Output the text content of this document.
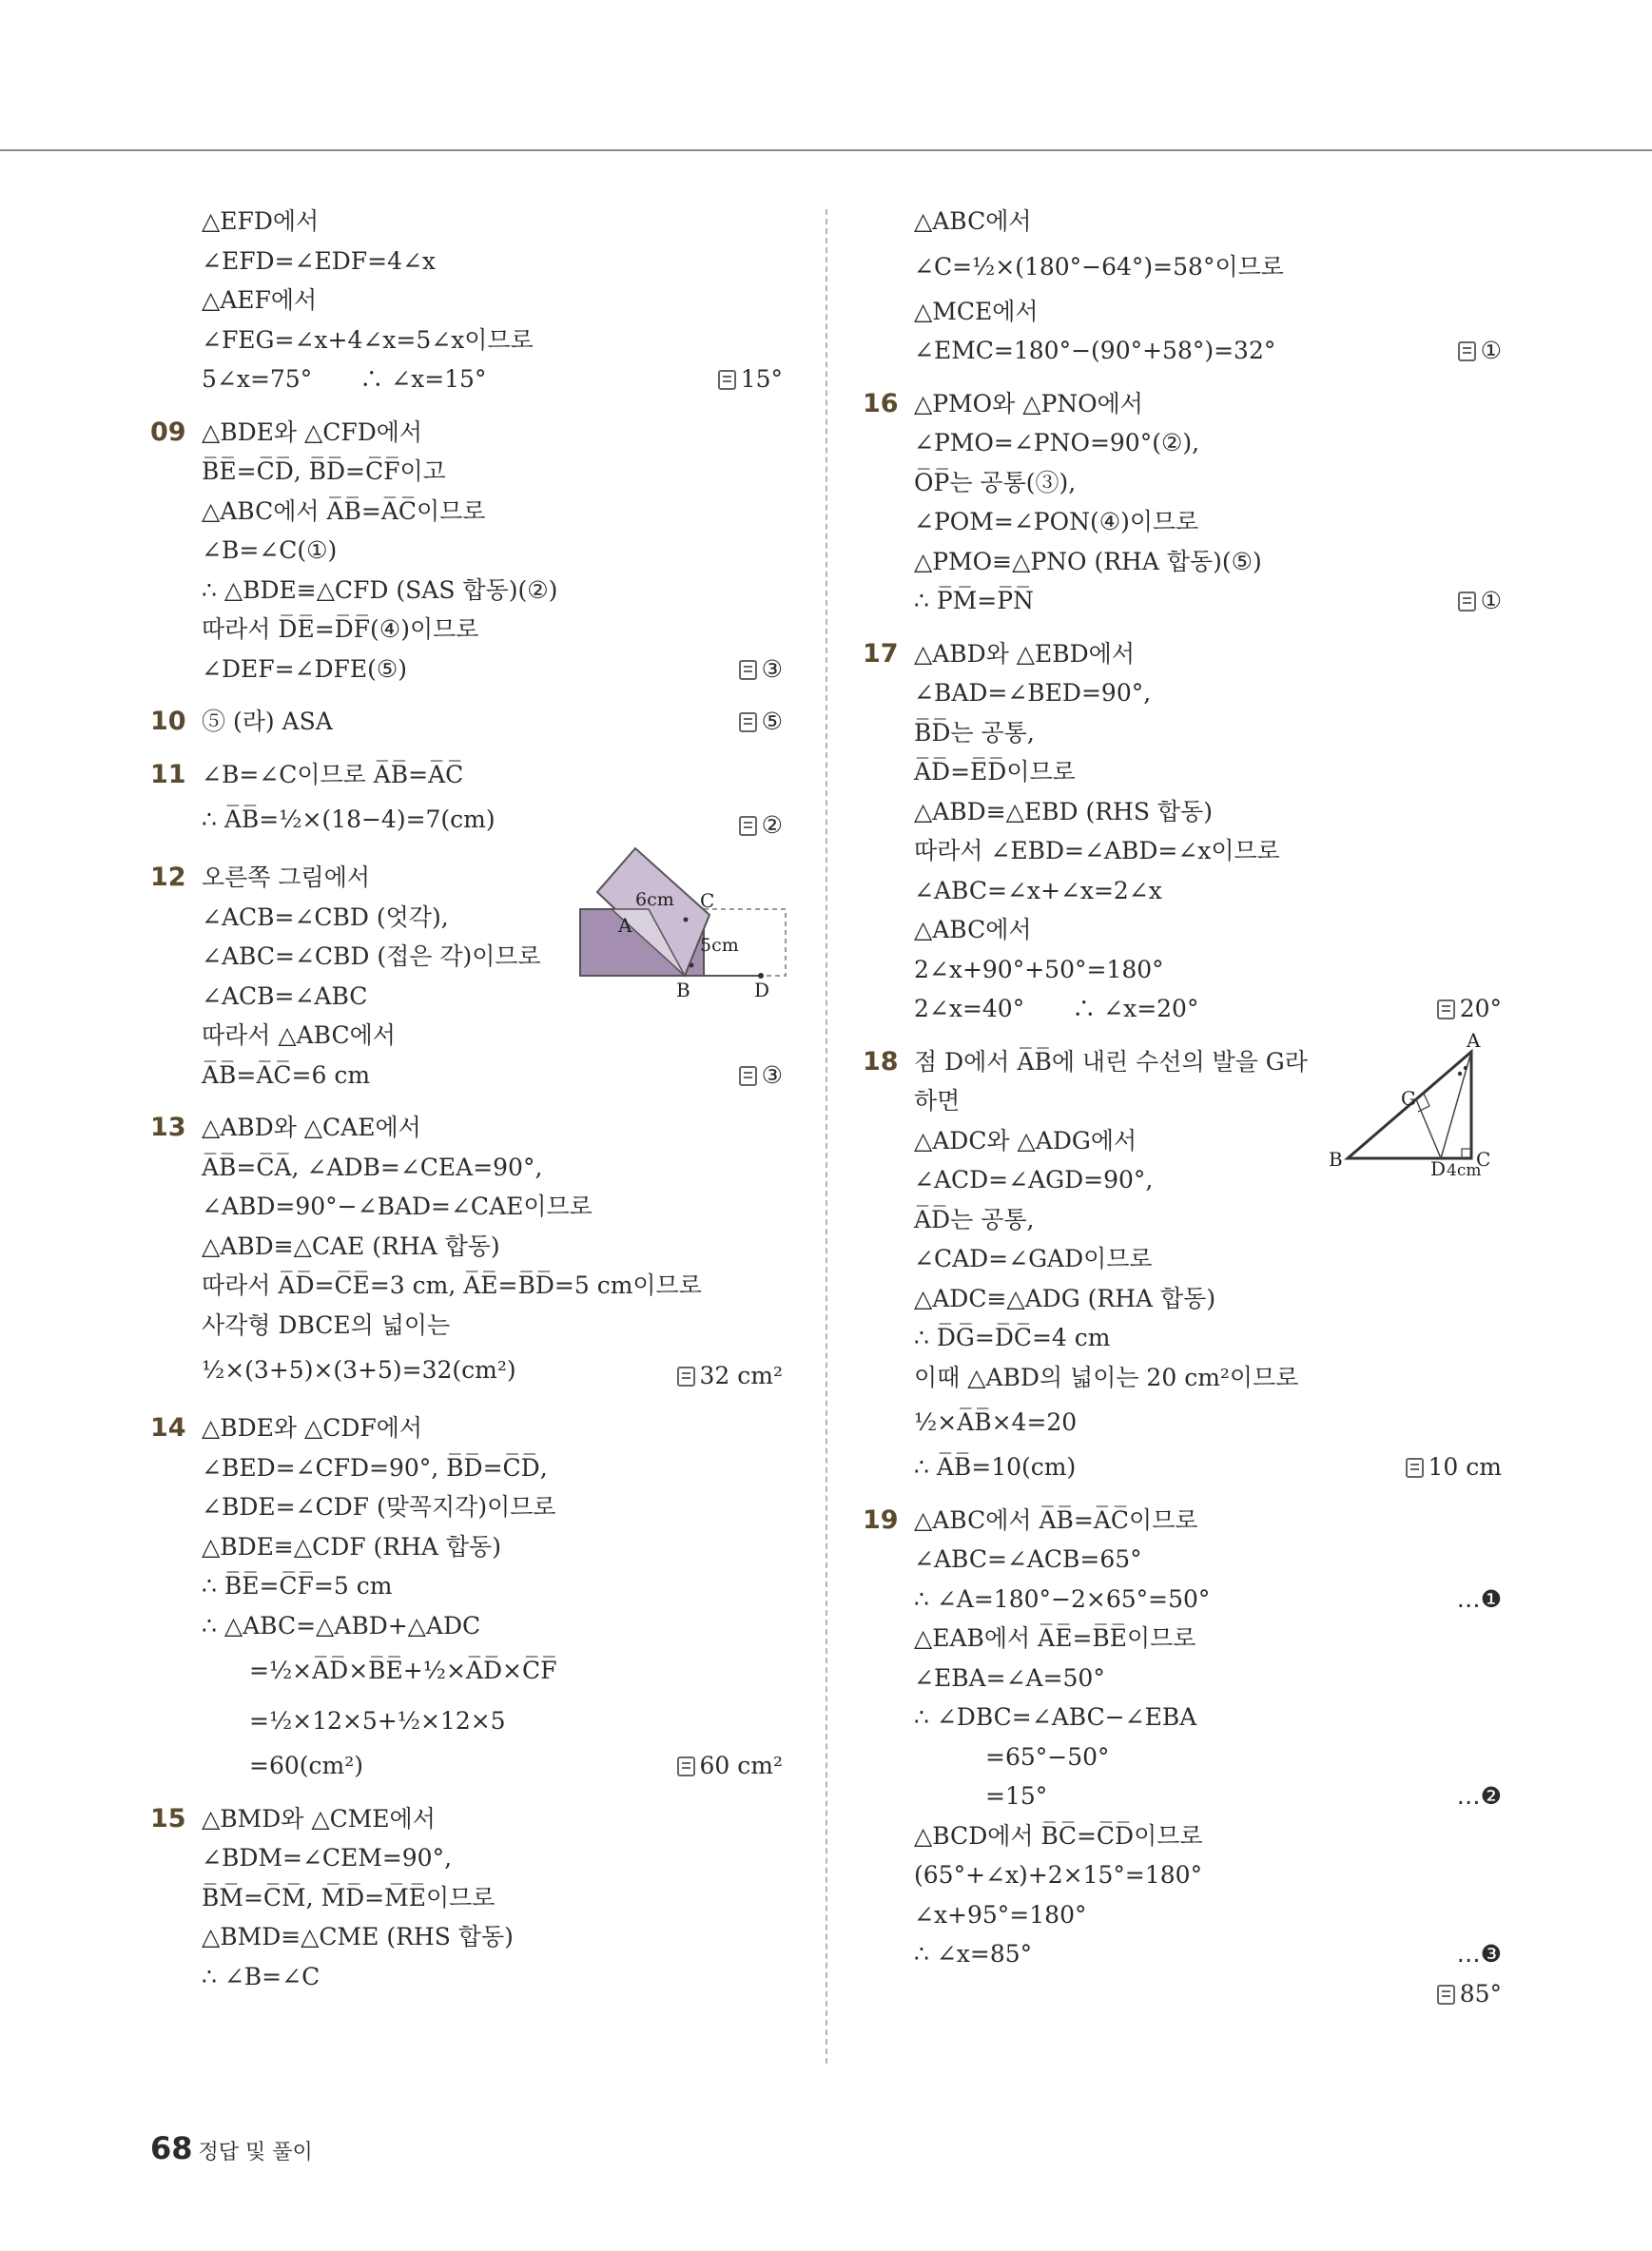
△EFD에서
∠EFD=∠EDF=4∠x
△AEF에서
∠FEG=∠x+4∠x=5∠x이므로
5∠x=75°　　∴ ∠x=15°	15°
09 △BDE와 △CFD에서
B̅E̅=C̅D̅, B̅D̅=C̅F̅이고
△ABC에서 A̅B̅=A̅C̅이므로
∠B=∠C(①)
∴ △BDE≡△CFD (SAS 합동)(②)
따라서 D̅E̅=D̅F̅(④)이므로
∠DEF=∠DFE(⑤)	③
10 ⑤ (라) ASA	⑤
11 ∠B=∠C이므로 A̅B̅=A̅C̅
∴ A̅B̅=½×(18−4)=7(cm)	②
12 오른쪽 그림에서
∠ACB=∠CBD (엇각),
∠ABC=∠CBD (접은 각)이므로
∠ACB=∠ABC
따라서 △ABC에서
A̅B̅=A̅C̅=6 cm	③
A
B
C
D
6cm
5cm
13 △ABD와 △CAE에서
A̅B̅=C̅A̅, ∠ADB=∠CEA=90°,
∠ABD=90°−∠BAD=∠CAE이므로
△ABD≡△CAE (RHA 합동)
따라서 A̅D̅=C̅E̅=3 cm, A̅E̅=B̅D̅=5 cm이므로
사각형 DBCE의 넓이는
½×(3+5)×(3+5)=32(cm²)	32 cm²
14 △BDE와 △CDF에서
∠BED=∠CFD=90°, B̅D̅=C̅D̅,
∠BDE=∠CDF (맞꼭지각)이므로
△BDE≡△CDF (RHA 합동)
∴ B̅E̅=C̅F̅=5 cm
∴ △ABC=△ABD+△ADC
　　=½×A̅D̅×B̅E̅+½×A̅D̅×C̅F̅
　　=½×12×5+½×12×5
　　=60(cm²)	60 cm²
15 △BMD와 △CME에서
∠BDM=∠CEM=90°,
B̅M̅=C̅M̅, M̅D̅=M̅E̅이므로
△BMD≡△CME (RHS 합동)
∴ ∠B=∠C
△ABC에서
∠C=½×(180°−64°)=58°이므로
△MCE에서
∠EMC=180°−(90°+58°)=32°	①
16 △PMO와 △PNO에서
∠PMO=∠PNO=90°(②),
O̅P̅는 공통(③),
∠POM=∠PON(④)이므로
△PMO≡△PNO (RHA 합동)(⑤)
∴ P̅M̅=P̅N̅	①
17 △ABD와 △EBD에서
∠BAD=∠BED=90°,
B̅D̅는 공통,
A̅D̅=E̅D̅이므로
△ABD≡△EBD (RHS 합동)
따라서 ∠EBD=∠ABD=∠x이므로
∠ABC=∠x+∠x=2∠x
△ABC에서
2∠x+90°+50°=180°
2∠x=40°　　∴ ∠x=20°	20°
18 점 D에서 A̅B̅에 내린 수선의 발을 G라
하면
△ADC와 △ADG에서
∠ACD=∠AGD=90°,
A̅D̅는 공통,
∠CAD=∠GAD이므로
△ADC≡△ADG (RHA 합동)
∴ D̅G̅=D̅C̅=4 cm
이때 △ABD의 넓이는 20 cm²이므로
½×A̅B̅×4=20
∴ A̅B̅=10(cm)	10 cm
A
B	C
D
G
4cm
19 △ABC에서 A̅B̅=A̅C̅이므로
∠ABC=∠ACB=65°
∴ ∠A=180°−2×65°=50°	…❶
△EAB에서 A̅E̅=B̅E̅이므로
∠EBA=∠A=50°
∴ ∠DBC=∠ABC−∠EBA
　　　=65°−50°
　　　=15°	…❷
△BCD에서 B̅C̅=C̅D̅이므로
(65°+∠x)+2×15°=180°
∠x+95°=180°
∴ ∠x=85°	…❸
85°
68 정답 및 풀이
